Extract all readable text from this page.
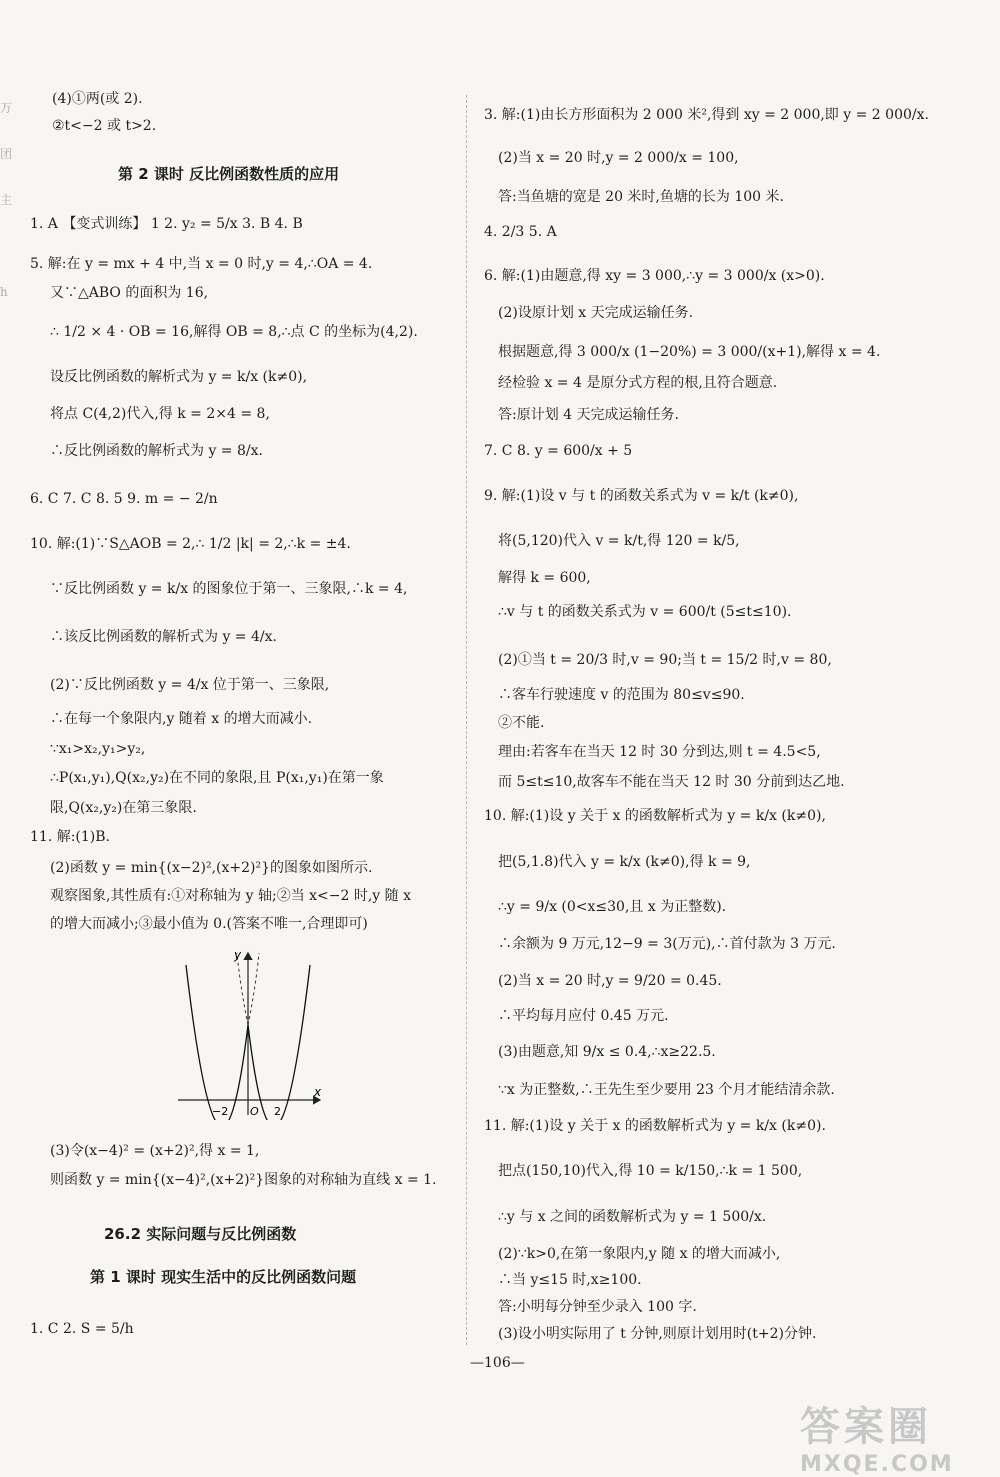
万
团
主

h
(4)①两(或 2).
②t<−2 或 t>2.
第 2 课时 反比例函数性质的应用
1. A 【变式训练】 1 2. y₂ = 5/x 3. B 4. B
5. 解:在 y = mx + 4 中,当 x = 0 时,y = 4,∴OA = 4.
又∵△ABO 的面积为 16,
∴ 1/2 × 4 · OB = 16,解得 OB = 8,∴点 C 的坐标为(4,2).
设反比例函数的解析式为 y = k/x (k≠0),
将点 C(4,2)代入,得 k = 2×4 = 8,
∴反比例函数的解析式为 y = 8/x.
6. C 7. C 8. 5 9. m = − 2/n
10. 解:(1)∵S△AOB = 2,∴ 1/2 |k| = 2,∴k = ±4.
∵反比例函数 y = k/x 的图象位于第一、三象限,∴k = 4,
∴该反比例函数的解析式为 y = 4/x.
(2)∵反比例函数 y = 4/x 位于第一、三象限,
∴在每一个象限内,y 随着 x 的增大而减小.
∵x₁>x₂,y₁>y₂,
∴P(x₁,y₁),Q(x₂,y₂)在不同的象限,且 P(x₁,y₁)在第一象
限,Q(x₂,y₂)在第三象限.
11. 解:(1)B.
(2)函数 y = min{(x−2)²,(x+2)²}的图象如图所示.
观察图象,其性质有:①对称轴为 y 轴;②当 x<−2 时,y 随 x
的增大而减小;③最小值为 0.(答案不唯一,合理即可)
y
x
O
−2	2
(3)令(x−4)² = (x+2)²,得 x = 1,
则函数 y = min{(x−4)²,(x+2)²}图象的对称轴为直线 x = 1.
26.2 实际问题与反比例函数
第 1 课时 现实生活中的反比例函数问题
1. C 2. S = 5/h
3. 解:(1)由长方形面积为 2 000 米²,得到 xy = 2 000,即 y = 2 000/x.
(2)当 x = 20 时,y = 2 000/x = 100,
答:当鱼塘的宽是 20 米时,鱼塘的长为 100 米.
4. 2/3 5. A
6. 解:(1)由题意,得 xy = 3 000,∴y = 3 000/x (x>0).
(2)设原计划 x 天完成运输任务.
根据题意,得 3 000/x (1−20%) = 3 000/(x+1),解得 x = 4.
经检验 x = 4 是原分式方程的根,且符合题意.
答:原计划 4 天完成运输任务.
7. C 8. y = 600/x + 5
9. 解:(1)设 v 与 t 的函数关系式为 v = k/t (k≠0),
将(5,120)代入 v = k/t,得 120 = k/5,
解得 k = 600,
∴v 与 t 的函数关系式为 v = 600/t (5≤t≤10).
(2)①当 t = 20/3 时,v = 90;当 t = 15/2 时,v = 80,
∴客车行驶速度 v 的范围为 80≤v≤90.
②不能.
理由:若客车在当天 12 时 30 分到达,则 t = 4.5<5,
而 5≤t≤10,故客车不能在当天 12 时 30 分前到达乙地.
10. 解:(1)设 y 关于 x 的函数解析式为 y = k/x (k≠0),
把(5,1.8)代入 y = k/x (k≠0),得 k = 9,
∴y = 9/x (0<x≤30,且 x 为正整数).
∴余额为 9 万元,12−9 = 3(万元),∴首付款为 3 万元.
(2)当 x = 20 时,y = 9/20 = 0.45.
∴平均每月应付 0.45 万元.
(3)由题意,知 9/x ≤ 0.4,∴x≥22.5.
∵x 为正整数,∴王先生至少要用 23 个月才能结清余款.
11. 解:(1)设 y 关于 x 的函数解析式为 y = k/x (k≠0).
把点(150,10)代入,得 10 = k/150,∴k = 1 500,
∴y 与 x 之间的函数解析式为 y = 1 500/x.
(2)∵k>0,在第一象限内,y 随 x 的增大而减小,
∴当 y≤15 时,x≥100.
答:小明每分钟至少录入 100 字.
(3)设小明实际用了 t 分钟,则原计划用时(t+2)分钟.
—106—
答案圈
MXQE.COM
